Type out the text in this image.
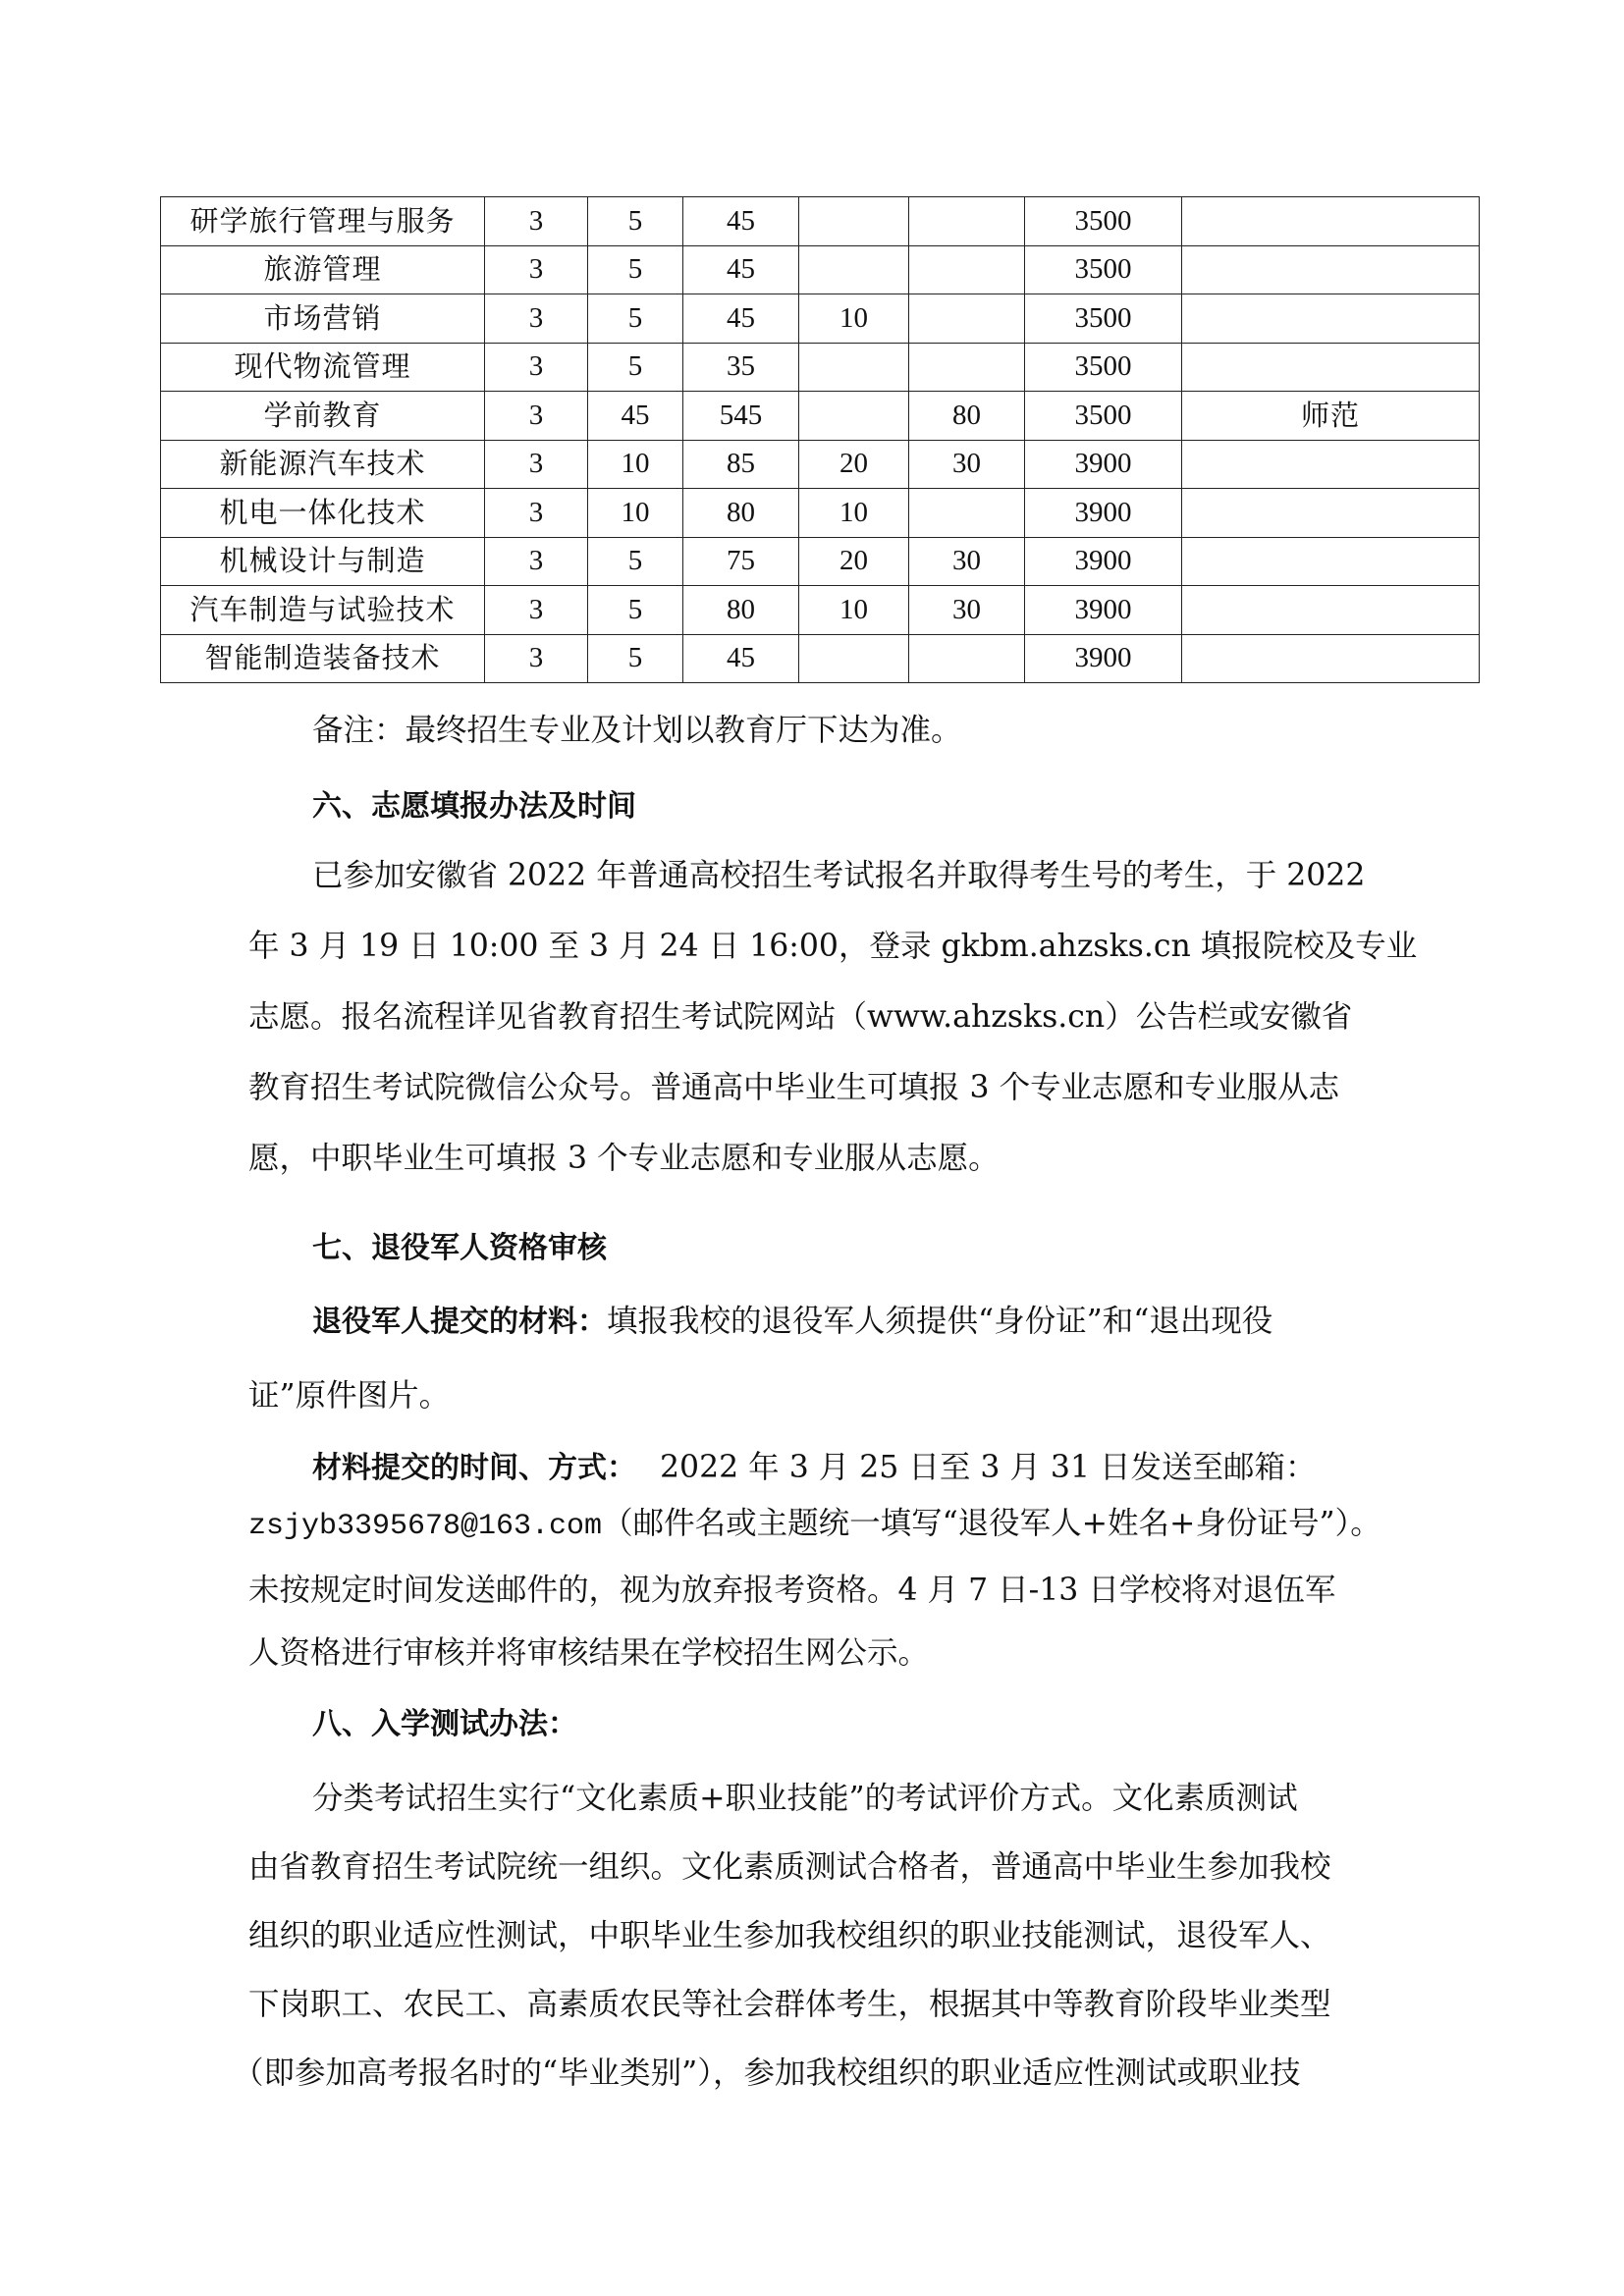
研学旅行管理与服务	3	5	45			3500	
旅游管理	3	5	45			3500	
市场营销	3	5	45	10		3500	
现代物流管理	3	5	35			3500	
学前教育	3	45	545		80	3500	师范
新能源汽车技术	3	10	85	20	30	3900	
机电一体化技术	3	10	80	10		3900	
机械设计与制造	3	5	75	20	30	3900	
汽车制造与试验技术	3	5	80	10	30	3900	
智能制造装备技术	3	5	45			3900	

备注：最终招生专业及计划以教育厅下达为准。

六、志愿填报办法及时间

已参加安徽省 2022 年普通高校招生考试报名并取得考生号的考生，于 2022

年 3 月 19 日 10:00 至 3 月 24 日 16:00，登录 gkbm.ahzsks.cn 填报院校及专业

志愿。报名流程详见省教育招生考试院网站（www.ahzsks.cn）公告栏或安徽省

教育招生考试院微信公众号。普通高中毕业生可填报 3 个专业志愿和专业服从志

愿，中职毕业生可填报 3 个专业志愿和专业服从志愿。

七、退役军人资格审核

退役军人提交的材料：填报我校的退役军人须提供“身份证”和“退出现役

证”原件图片。

材料提交的时间、方式： 2022 年 3 月 25 日至 3 月 31 日发送至邮箱：

zsjyb3395678@163.com（邮件名或主题统一填写“退役军人+姓名+身份证号”）。

未按规定时间发送邮件的，视为放弃报考资格。4 月 7 日-13 日学校将对退伍军

人资格进行审核并将审核结果在学校招生网公示。

八、入学测试办法：

分类考试招生实行“文化素质+职业技能”的考试评价方式。文化素质测试

由省教育招生考试院统一组织。文化素质测试合格者，普通高中毕业生参加我校

组织的职业适应性测试，中职毕业生参加我校组织的职业技能测试，退役军人、

下岗职工、农民工、高素质农民等社会群体考生，根据其中等教育阶段毕业类型

（即参加高考报名时的“毕业类别”），参加我校组织的职业适应性测试或职业技
